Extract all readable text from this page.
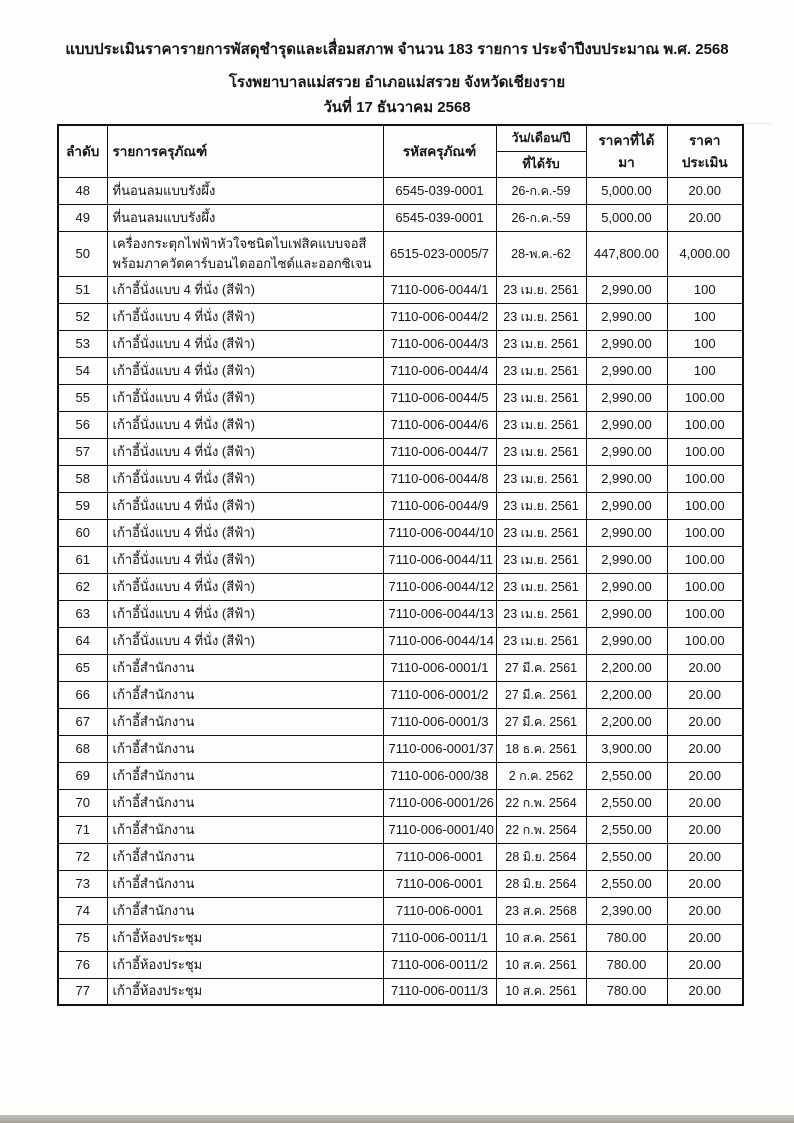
แบบประเมินราคารายการพัสดุชำรุดและเสื่อมสภาพ จำนวน 183 รายการ ประจำปีงบประมาณ พ.ศ. 2568
โรงพยาบาลแม่สรวย อำเภอแม่สรวย จังหวัดเชียงราย
วันที่ 17 ธันวาคม 2568
ลำดับ	รายการครุภัณฑ์	รหัสครุภัณฑ์	วัน/เดือน/ปี	ราคาที่ได้มา	ราคาประเมิน
			ที่ได้รับ		
48	ที่นอนลมแบบรังผึ้ง	6545-039-0001	26-ก.ค.-59	5,000.00	20.00
49	ที่นอนลมแบบรังผึ้ง	6545-039-0001	26-ก.ค.-59	5,000.00	20.00
50	เครื่องกระตุกไฟฟ้าหัวใจชนิดไบเฟสิคแบบจอสี พร้อมภาควัดคาร์บอนไดออกไซด์และออกซิเจน	6515-023-0005/7	28-พ.ค.-62	447,800.00	4,000.00
51	เก้าอี้นั่งแบบ 4 ที่นั่ง (สีฟ้า)	7110-006-0044/1	23 เม.ย. 2561	2,990.00	100
52	เก้าอี้นั่งแบบ 4 ที่นั่ง (สีฟ้า)	7110-006-0044/2	23 เม.ย. 2561	2,990.00	100
53	เก้าอี้นั่งแบบ 4 ที่นั่ง (สีฟ้า)	7110-006-0044/3	23 เม.ย. 2561	2,990.00	100
54	เก้าอี้นั่งแบบ 4 ที่นั่ง (สีฟ้า)	7110-006-0044/4	23 เม.ย. 2561	2,990.00	100
55	เก้าอี้นั่งแบบ 4 ที่นั่ง (สีฟ้า)	7110-006-0044/5	23 เม.ย. 2561	2,990.00	100.00
56	เก้าอี้นั่งแบบ 4 ที่นั่ง (สีฟ้า)	7110-006-0044/6	23 เม.ย. 2561	2,990.00	100.00
57	เก้าอี้นั่งแบบ 4 ที่นั่ง (สีฟ้า)	7110-006-0044/7	23 เม.ย. 2561	2,990.00	100.00
58	เก้าอี้นั่งแบบ 4 ที่นั่ง (สีฟ้า)	7110-006-0044/8	23 เม.ย. 2561	2,990.00	100.00
59	เก้าอี้นั่งแบบ 4 ที่นั่ง (สีฟ้า)	7110-006-0044/9	23 เม.ย. 2561	2,990.00	100.00
60	เก้าอี้นั่งแบบ 4 ที่นั่ง (สีฟ้า)	7110-006-0044/10	23 เม.ย. 2561	2,990.00	100.00
61	เก้าอี้นั่งแบบ 4 ที่นั่ง (สีฟ้า)	7110-006-0044/11	23 เม.ย. 2561	2,990.00	100.00
62	เก้าอี้นั่งแบบ 4 ที่นั่ง (สีฟ้า)	7110-006-0044/12	23 เม.ย. 2561	2,990.00	100.00
63	เก้าอี้นั่งแบบ 4 ที่นั่ง (สีฟ้า)	7110-006-0044/13	23 เม.ย. 2561	2,990.00	100.00
64	เก้าอี้นั่งแบบ 4 ที่นั่ง (สีฟ้า)	7110-006-0044/14	23 เม.ย. 2561	2,990.00	100.00
65	เก้าอี้สำนักงาน	7110-006-0001/1	27 มี.ค. 2561	2,200.00	20.00
66	เก้าอี้สำนักงาน	7110-006-0001/2	27 มี.ค. 2561	2,200.00	20.00
67	เก้าอี้สำนักงาน	7110-006-0001/3	27 มี.ค. 2561	2,200.00	20.00
68	เก้าอี้สำนักงาน	7110-006-0001/37	18 ธ.ค. 2561	3,900.00	20.00
69	เก้าอี้สำนักงาน	7110-006-000/38	2 ก.ค. 2562	2,550.00	20.00
70	เก้าอี้สำนักงาน	7110-006-0001/26	22 ก.พ. 2564	2,550.00	20.00
71	เก้าอี้สำนักงาน	7110-006-0001/40	22 ก.พ. 2564	2,550.00	20.00
72	เก้าอี้สำนักงาน	7110-006-0001	28 มิ.ย. 2564	2,550.00	20.00
73	เก้าอี้สำนักงาน	7110-006-0001	28 มิ.ย. 2564	2,550.00	20.00
74	เก้าอี้สำนักงาน	7110-006-0001	23 ส.ค. 2568	2,390.00	20.00
75	เก้าอี้ห้องประชุม	7110-006-0011/1	10 ส.ค. 2561	780.00	20.00
76	เก้าอี้ห้องประชุม	7110-006-0011/2	10 ส.ค. 2561	780.00	20.00
77	เก้าอี้ห้องประชุม	7110-006-0011/3	10 ส.ค. 2561	780.00	20.00
